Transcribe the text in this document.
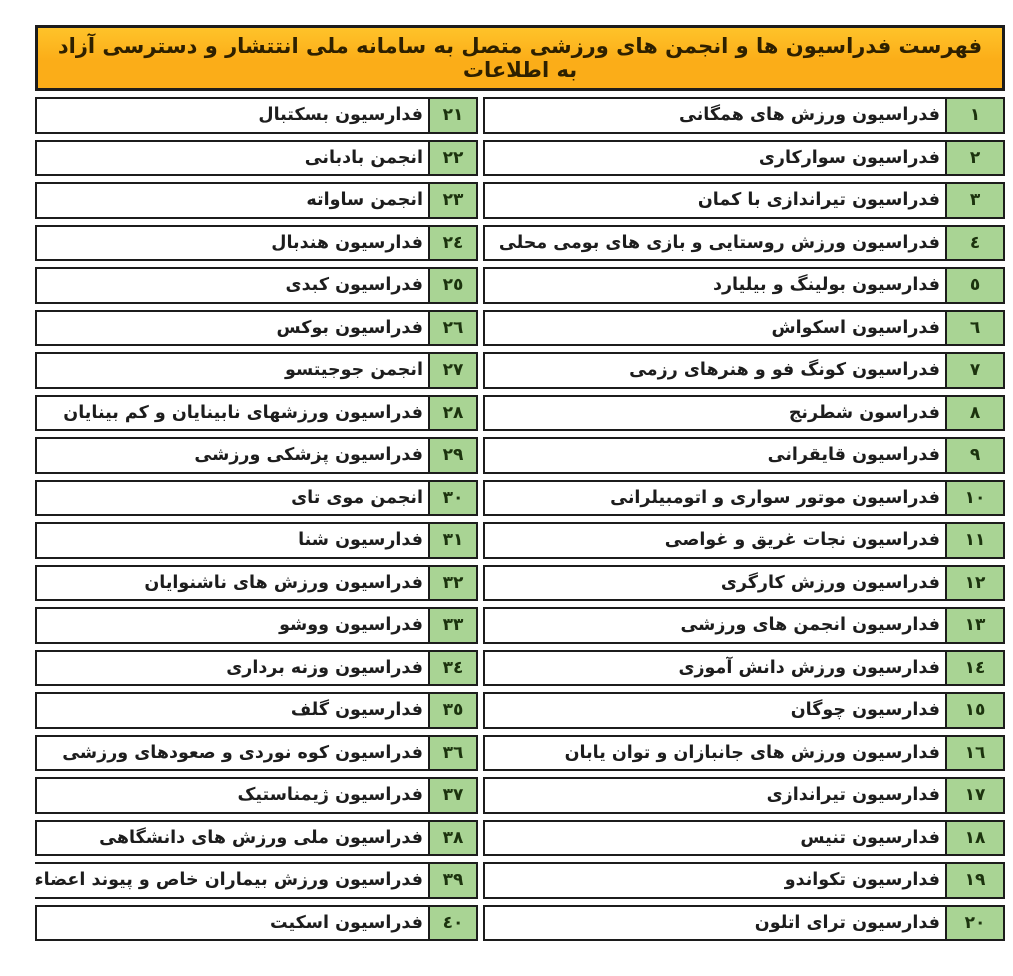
فهرست فدراسیون ها و انجمن های ورزشی متصل به سامانه ملی انتتشار و دسترسی آزاد به اطلاعات
فدارسیون بسکتبال	٢١
انجمن بادبانی	٢٢
انجمن ساواته	٢٣
فدارسیون هندبال	٢٤
فدراسیون کبدی	٢٥
فدراسیون بوکس	٢٦
انجمن جوجیتسو	٢٧
فدراسیون ورزشهای نابینایان و کم بینایان	٢٨
فدراسیون پزشکی ورزشی	٢٩
انجمن موی تای	٣٠
فدارسیون شنا	٣١
فدراسیون ورزش های ناشنوایان	٣٢
فدراسیون ووشو	٣٣
فدراسیون وزنه برداری	٣٤
فدارسیون گلف	٣٥
فدراسیون کوه نوردی و صعودهای ورزشی	٣٦
فدراسیون ژیمناستیک	٣٧
فدراسیون ملی ورزش های دانشگاهی	٣٨
فدراسیون ورزش بیماران خاص و پیوند اعضاء	٣٩
فدراسیون اسکیت	٤٠
فدراسیون ورزش های همگانی	١
فدراسیون سوارکاری	٢
فدراسیون تیراندازی با کمان	٣
فدراسیون ورزش روستایی و بازی های بومی محلی	٤
فدارسیون بولینگ و بیلیارد	٥
فدراسیون اسکواش	٦
فدراسیون کونگ فو و هنرهای رزمی	٧
فدراسون شطرنج	٨
فدراسیون قایقرانی	٩
فدراسیون موتور سواری و اتومبیلرانی	١٠
فدراسیون نجات غریق و غواصی	١١
فدراسیون ورزش کارگری	١٢
فدارسیون انجمن های ورزشی	١٣
فدارسیون ورزش دانش آموزی	١٤
فدارسیون چوگان	١٥
فدارسیون ورزش های جانبازان و توان یابان	١٦
فدارسیون تیراندازی	١٧
فدارسیون تنیس	١٨
فدارسیون تکواندو	١٩
فدارسیون ترای اتلون	٢٠
